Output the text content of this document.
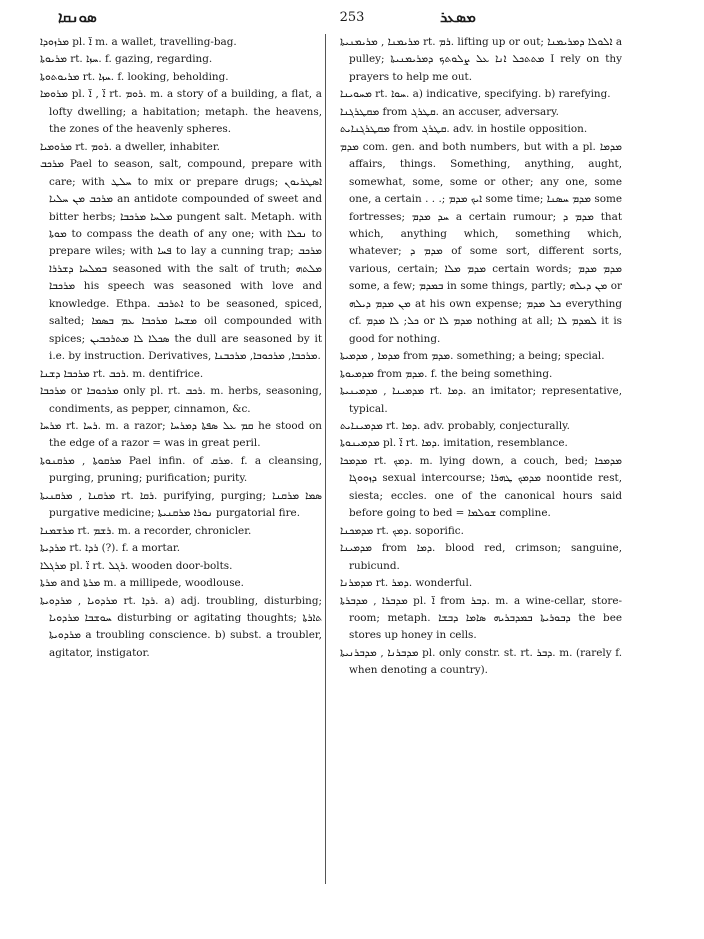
ܣܘܢܩܐ	253	ܡܣܥܪ

ܡܪܙܘܕܐ pl. ܐ̈ m. a wallet, travelling-bag.

ܡܪܝܘܬܐ rt. ܚܙܐ. f. gazing, regarding.

ܡܪܝܘܬܘܬܐ rt. ܚܙܐ. f. looking, beholding.

ܡܪܘܡܐ pl. ܐ̈ , ܐ̈ rt. ܪܘܡ. m. a story of a building, a flat, a lofty dwelling; a habitation; metaph. the heavens, the zones of the heavenly spheres.

ܡܪܘܡܝܐ rt. ܪܘܡ. a dweller, inhabiter.

ܡܪܟܒ Pael to season, salt, compound, prepare with care; with ܚܠܛ to mix or prepare drugs; ܐܣܛܪܝܘܢ ܡܪܟܒ ܡܢ ܚܠܝܐ an antidote compounded of sweet and bitter herbs; ܡܠܚܐ ܡܪܟܒܐ pungent salt. Metaph. with ܡܘܬܐ to compass the death of any one; with ܢܟܠܐ to prepare wiles; with ܦܚܐ to lay a cunning trap; ܡܪܟܒ ܒܡܠܚܐ ܕܫܪܪܐ seasoned with the salt of truth; ܡܠܬܗ ܡܪܟܒܐ his speech was seasoned with love and knowledge. Ethpa. ܐܬܪܟܒ to be seasoned, spiced, salted; ܡܫܚܐ ܡܪܟܒܐ ܥܡ ܒܣܡܐ oil compounded with spices; ܣܟܠܐ ܠܐ ܡܬܪܟܒܝܢ the dull are seasoned by it i.e. by instruction. Derivatives, ܡܪܟܒܐ, ܡܪܟܘܒܐ, ܡܪܟܒܢܐ.

ܡܪܟܒܐ ܕܫܢܐ rt. ܪܟܒ. m. dentifrice.

ܡܪܟܒܐ or ܡܪܟܘܒܐ only pl. rt. ܪܟܒ. m. herbs, seasoning, condiments, as pepper, cinnamon, &c.

ܡܪܚܐ rt. ܪܚܐ. m. a razor; ܩܡ ܥܠ ܣܦܬܐ ܕܡܪܚܐ he stood on the edge of a razor = was in great peril.

ܡܪܩܘܬܐ , ܡܪܩܢܘܬܐ Pael infin. of ܡܪܩ. f. a cleansing, purging, pruning; purification; purity.

ܡܪܩܢܐ , ܡܪܩܢܝܬܐ rt. ܪܩܐ. purifying, purging; ܣܡܐ ܡܪܩܢܐ purgative medicine; ܢܘܪܐ ܡܪܩܢܝܬܐ purgatorial fire.

ܡܪܫܡܢܐ rt. ܪܫܡ. m. a recorder, chronicler.

ܡܪܕܝܬܐ rt. ܪܕܐ (?). f. a mortar.

ܡܪܓܠܐ pl. ܐ̈ rt. ܪܓܠ. wooden door-bolts.

ܡܪܬܐ and ܡܪܬܐ m. a millipede, woodlouse.

ܡܪܕܘܝܐ , ܡܪܕܘܝܬܐ rt. ܪܕܐ. a) adj. troubling, disturbing; ܚܘܫܒܐ ܡܪܕܘܝܐ disturbing or agitating thoughts; ܬܐܪܬܐ ܡܪܕܘܝܬܐ a troubling conscience. b) subst. a troubler, agitator, instigator.

ܡܪܝܡܢܐ , ܡܪܝܡܢܝܬܐ rt. ܪܡ. lifting up or out; ܐܠܘܠܐ ܕܡܪܝܡܢܐ a pulley; ܡܬܬܟܠ ܐܢܐ ܥܠ ܨܠܘܬܟ ܕܡܪܝܡܢܝܬܐ I rely on thy prayers to help me out.

ܡܚܘܝܢܐ rt. ܚܘܐ. a) indicative, specifying. b) rarefying.

ܡܩܛܪܓܢܐ from ܩܛܪܓ. an accuser, adversary.

ܡܩܛܪܓܢܐܝܬ from ܩܛܪܓ. adv. in hostile opposition.

ܡܕܡ com. gen. and both numbers, but with a pl. ܡܕܡܐ affairs, things. Something, anything, aught, somewhat, some, some or other; any one, some one, a certain . . .; ܐܝܟ ܡܕܡ some time; ܡܕܡ ܚܣܢܐ some fortresses; ܚܕ ܡܕܡ a certain rumour; ܡܕܡ ܕ that which, anything which, something which, whatever; ܡܕܡ ܕ of some sort, different sorts, various, certain; ܡܕܡ ܡܠܐ certain words; ܡܕܡ ܡܕܡ some, a few; ܒܡܕܡ in some things, partly; ܡܢ ܕܝܠܗ or ܡܢ ܡܕܡ ܕܝܠܗ at his own expense; ܟܠ ܡܕܡ everything cf. ܟܠ; ܠܐ ܡܕܡ or ܡܕܡ ܠܐ nothing at all; ܠܡܕܡ ܠܐ it is good for nothing.

ܡܕܡܐ , ܡܕܡܝܬܐ from ܡܕܡ. something; a being; special.

ܡܕܡܝܘܬܐ from ܡܕܡ. f. the being something.

ܡܕܡܝܢܐ , ܡܕܡܝܢܝܬܐ rt. ܕܡܐ. an imitator; representative, typical.

ܡܕܡܝܢܐܝܬ rt. ܕܡܐ. adv. probably, conjecturally.

ܡܕܡܝܢܘܬܐ pl. ܐ̈ rt. ܕܡܐ. imitation, resemblance.

ܡܕܡܟܐ rt. ܕܡܟ. m. lying down, a couch, bed; ܡܕܡܟܐ ܕܙܘܘܓܐ sexual intercourse; ܡܕܡܟ ܛܗܪܐ noontide rest, siesta; eccles. one of the canonical hours said before going to bed = ܫܘܠܡܐ compline.

ܡܕܡܟܢܐ rt. ܕܡܟ. soporific.

ܡܕܡܝܢܐ from ܕܡܐ. blood red, crimson; sanguine, rubicund.

ܡܕܡܪܢܐ rt. ܕܡܪ. wonderful.

ܡܕܒܪܐ , ܡܕܒܪܬܐ pl. ܐ̈ from ܕܒܪ. m. a wine-cellar, store-room; metaph. ܕܒܘܪܝܬܐ ܒܡܕܒܪܝܗ ܣܐܡܐ ܕܒܫܐ the bee stores up honey in cells.

ܡܕܒܪܢܐ , ܡܕܒܪܢܝܬܐ pl. only constr. st. rt. ܕܒܪ. m. (rarely f. when denoting a country).
